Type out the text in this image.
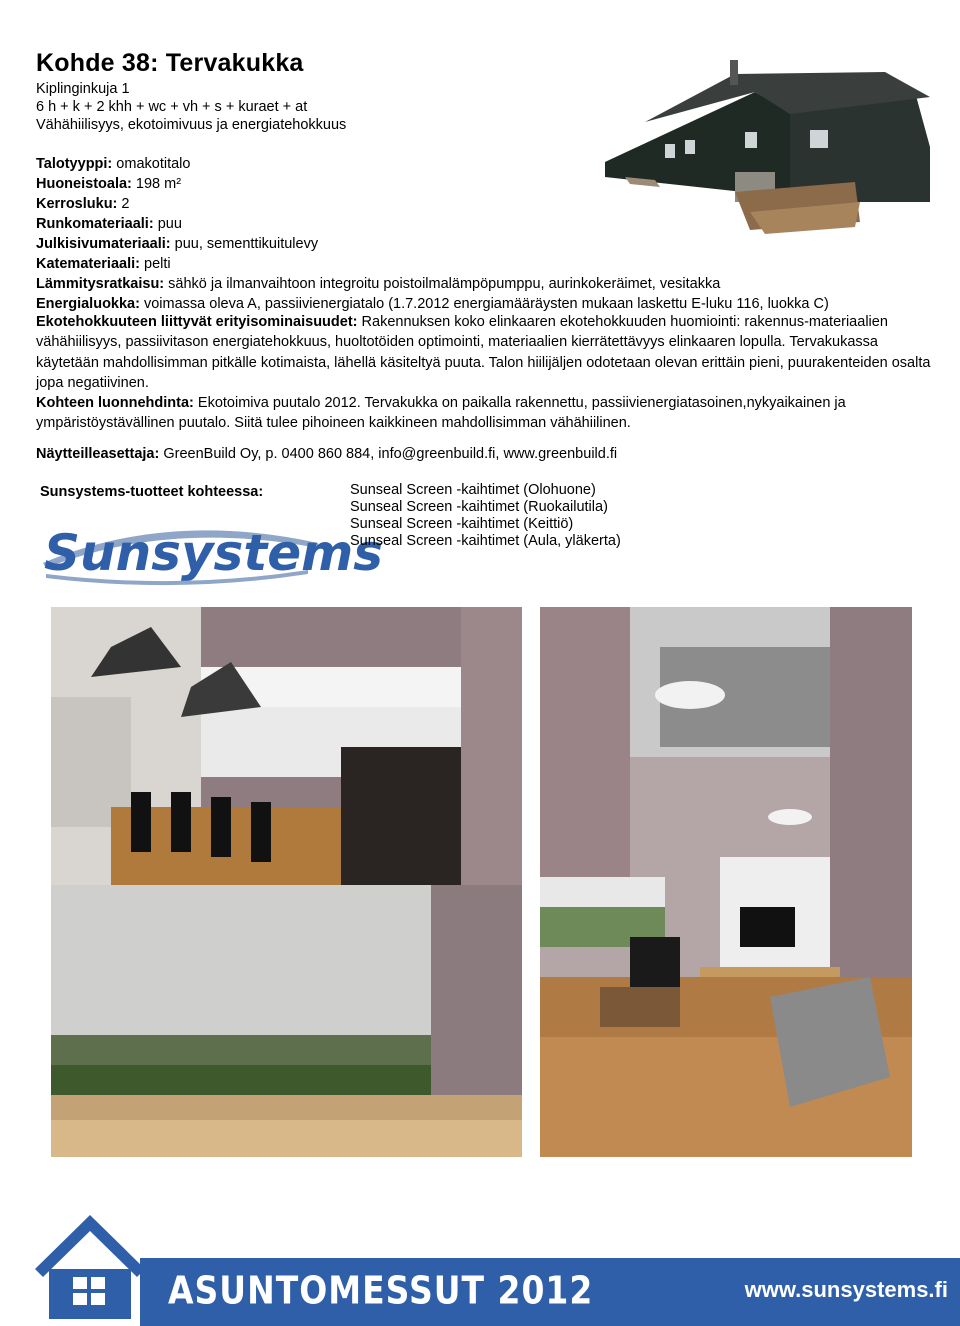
Kohde 38: Tervakukka
Kiplinginkuja 1
6 h + k + 2 khh + wc + vh + s + kuraet + at
Vähähiilisyys, ekotoimivuus ja energiatehokkuus
Talotyyppi: omakotitalo
Huoneistoala: 198 m²
Kerrosluku: 2
Runkomateriaali: puu
Julkisivumateriaali: puu, sementtikuitulevy
Katemateriaali: pelti
Lämmitysratkaisu: sähkö ja ilmanvaihtoon integroitu poistoilmalämpöpumppu, aurinkokeräimet, vesitakka
Energialuokka: voimassa oleva A, passiivienergiatalo (1.7.2012 energiamääräysten mukaan laskettu E-luku 116, luokka C)

Ekotehokkuuteen liittyvät erityisominaisuudet: Rakennuksen koko elinkaaren ekotehokkuuden huomiointi: rakennus-materiaalien vähähiilisyys, passiivitason energiatehokkuus, huoltotöiden optimointi, materiaalien kierrätettävyys elinkaaren lopulla. Tervakukassa käytetään mahdollisimman pitkälle kotimaista, lähellä käsiteltyä puuta. Talon hiilijäljen odotetaan olevan erittäin pieni, puurakenteiden osalta jopa negatiivinen.

Kohteen luonnehdinta: Ekotoimiva puutalo 2012. Tervakukka on paikalla rakennettu, passiivienergiatasoinen,nykyaikainen ja ympäristöystävällinen puutalo. Siitä tulee pihoineen kaikkineen mahdollisimman vähähiilinen.

Näytteilleasettaja: GreenBuild Oy, p. 0400 860 884, info@greenbuild.fi, www.greenbuild.fi
Sunsystems
Sunsystems-tuotteet kohteessa:	Sunseal Screen -kaihtimet (Olohuone)
Sunseal Screen -kaihtimet (Ruokailutila)
Sunseal Screen -kaihtimet (Keittiö)
Sunseal Screen -kaihtimet (Aula, yläkerta)
ASUNTOMESSUT 2012	www.sunsystems.fi
